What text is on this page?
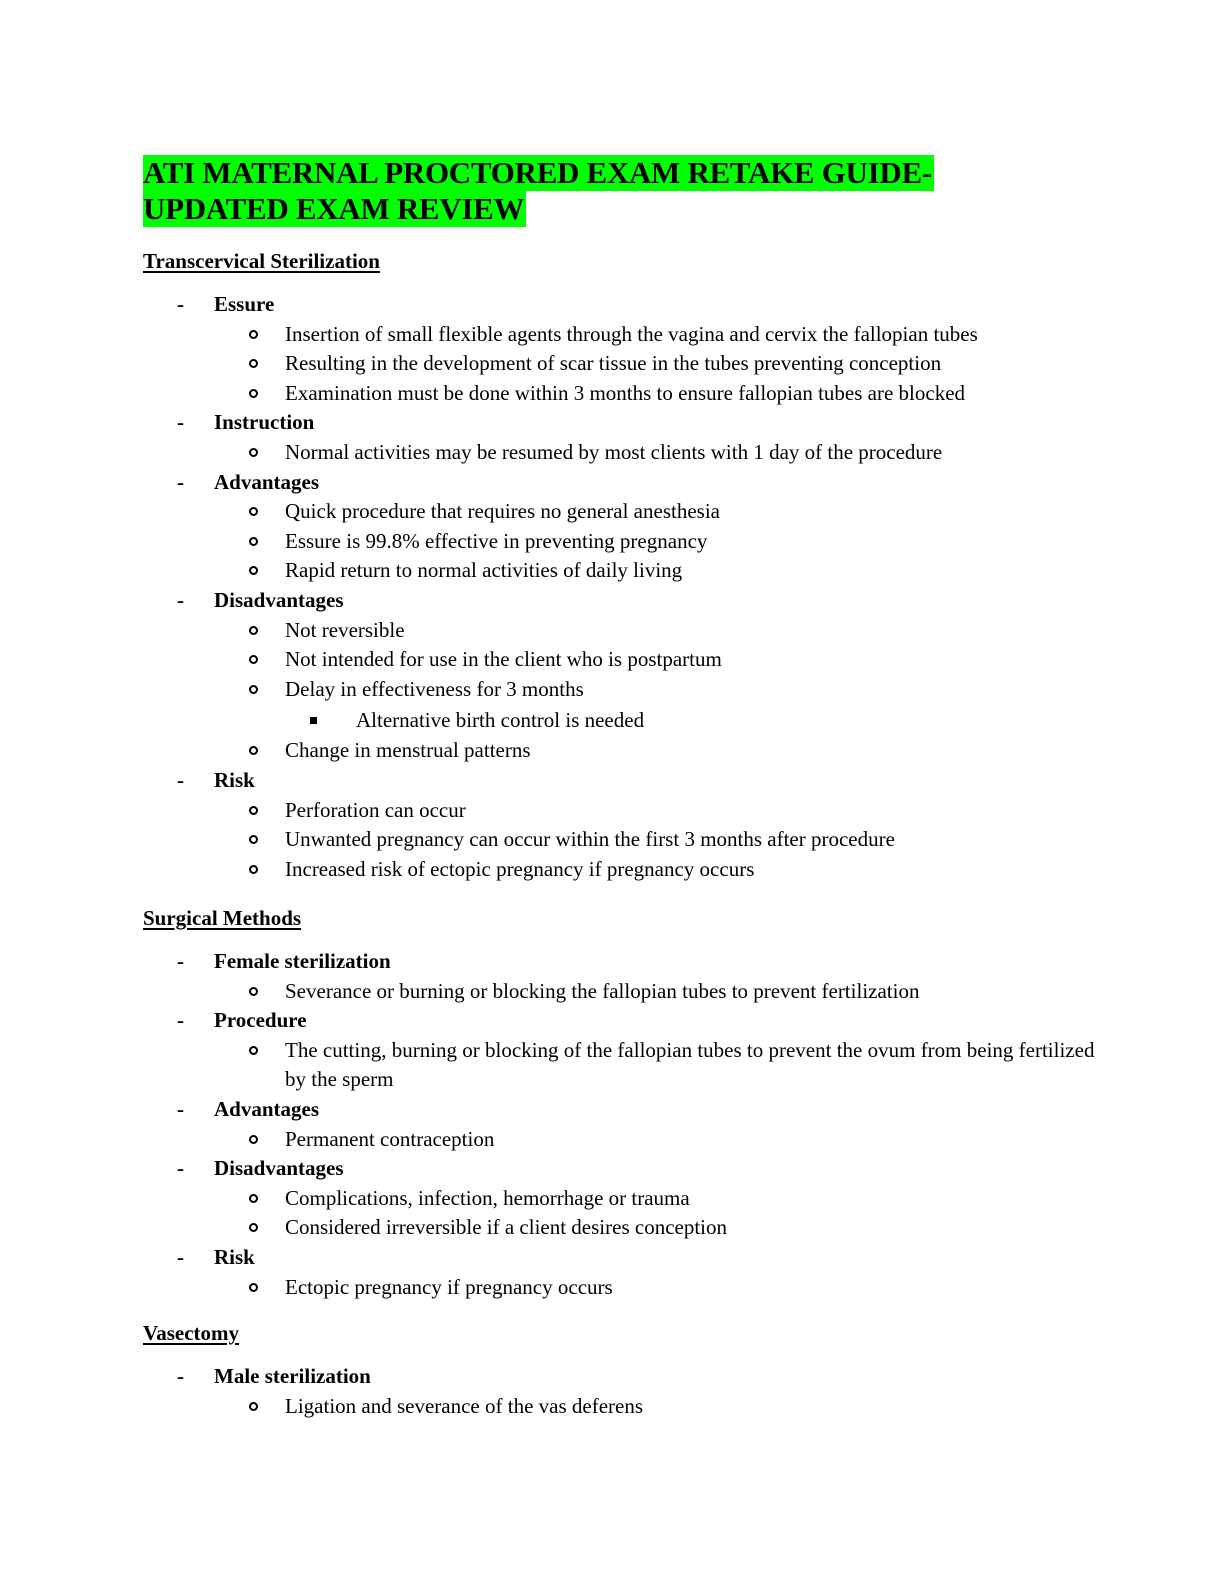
ATI MATERNAL PROCTORED EXAM RETAKE GUIDE-
UPDATED EXAM REVIEW
Transcervical Sterilization
- Essure
Insertion of small flexible agents through the vagina and cervix the fallopian tubes
Resulting in the development of scar tissue in the tubes preventing conception
Examination must be done within 3 months to ensure fallopian tubes are blocked
- Instruction
Normal activities may be resumed by most clients with 1 day of the procedure
- Advantages
Quick procedure that requires no general anesthesia
Essure is 99.8% effective in preventing pregnancy
Rapid return to normal activities of daily living
- Disadvantages
Not reversible
Not intended for use in the client who is postpartum
Delay in effectiveness for 3 months
Alternative birth control is needed
Change in menstrual patterns
- Risk
Perforation can occur
Unwanted pregnancy can occur within the first 3 months after procedure
Increased risk of ectopic pregnancy if pregnancy occurs
Surgical Methods
- Female sterilization
Severance or burning or blocking the fallopian tubes to prevent fertilization
- Procedure
The cutting, burning or blocking of the fallopian tubes to prevent the ovum from being fertilized by the sperm
- Advantages
Permanent contraception
- Disadvantages
Complications, infection, hemorrhage or trauma
Considered irreversible if a client desires conception
- Risk
Ectopic pregnancy if pregnancy occurs
Vasectomy
- Male sterilization
Ligation and severance of the vas deferens
